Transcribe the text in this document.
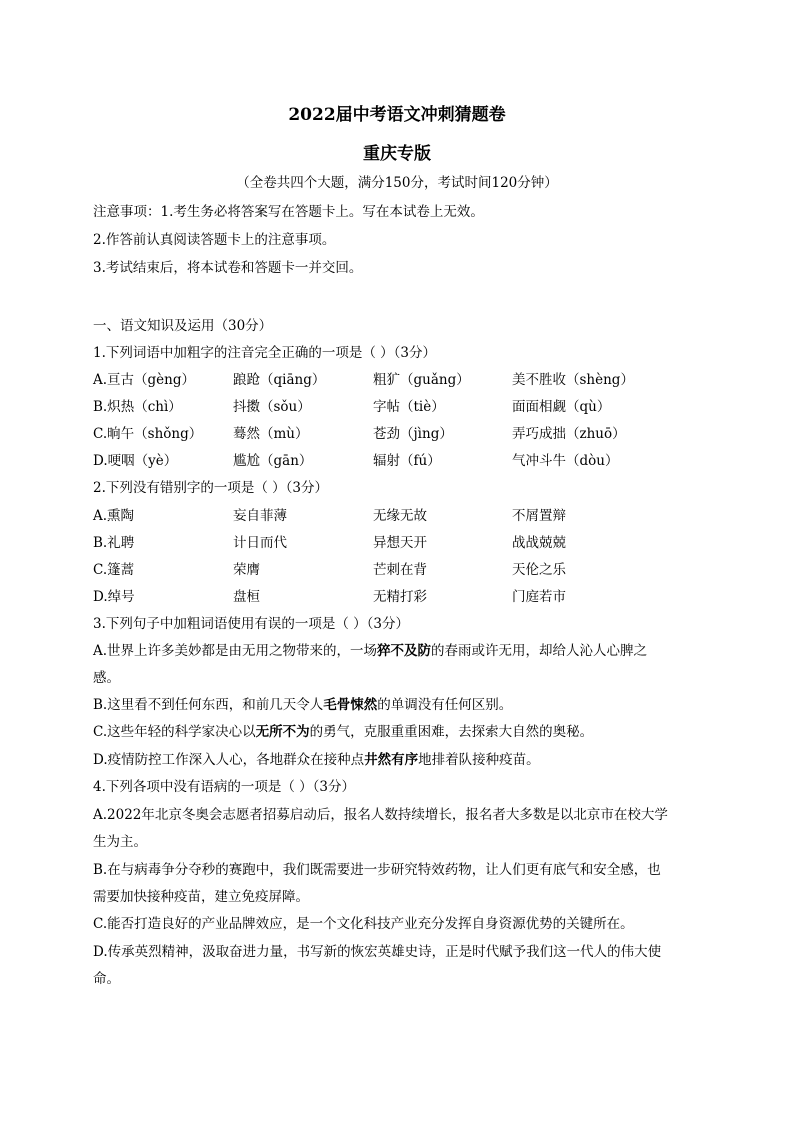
2022届中考语文冲刺猜题卷
重庆专版
（全卷共四个大题，满分150分，考试时间120分钟）
注意事项：1.考生务必将答案写在答题卡上。写在本试卷上无效。
2.作答前认真阅读答题卡上的注意事项。
3.考试结束后，将本试卷和答题卡一并交回。
一、语文知识及运用（30分）
1.下列词语中加粗字的注音完全正确的一项是（ ）（3分）
A.亘古（gèng）	踉跄（qiāng）	粗犷（guǎng）	美不胜收（shèng）
B.炽热（chì）	抖擞（sǒu）	字帖（tiè）	面面相觑（qù）
C.晌午（shǒng） 蓦然（mù）	苍劲（jìng）	弄巧成拙（zhuō）
D.哽咽（yè）	尴尬（gān）	辐射（fú）	气冲斗牛（dòu）
2.下列没有错别字的一项是（ ）（3分）
A.熏陶	妄自菲薄	无缘无故	不屑置辩
B.礼聘	计日而代	异想天开	战战兢兢
C.篷蒿	荣膺	芒刺在背	天伦之乐
D.绰号	盘桓	无精打彩	门庭若市
3.下列句子中加粗词语使用有误的一项是（ ）（3分）
A.世界上许多美妙都是由无用之物带来的，一场猝不及防的春雨或许无用，却给人沁人心脾之
感。
B.这里看不到任何东西，和前几天令人毛骨悚然的单调没有任何区别。
C.这些年轻的科学家决心以无所不为的勇气，克服重重困难，去探索大自然的奥秘。
D.疫情防控工作深入人心，各地群众在接种点井然有序地排着队接种疫苗。
4.下列各项中没有语病的一项是（ ）（3分）
A.2022年北京冬奥会志愿者招募启动后，报名人数持续增长，报名者大多数是以北京市在校大学
生为主。
B.在与病毒争分夺秒的赛跑中，我们既需要进一步研究特效药物，让人们更有底气和安全感，也
需要加快接种疫苗，建立免疫屏障。
C.能否打造良好的产业品牌效应，是一个文化科技产业充分发挥自身资源优势的关键所在。
D.传承英烈精神，汲取奋进力量，书写新的恢宏英雄史诗，正是时代赋予我们这一代人的伟大使
命。
